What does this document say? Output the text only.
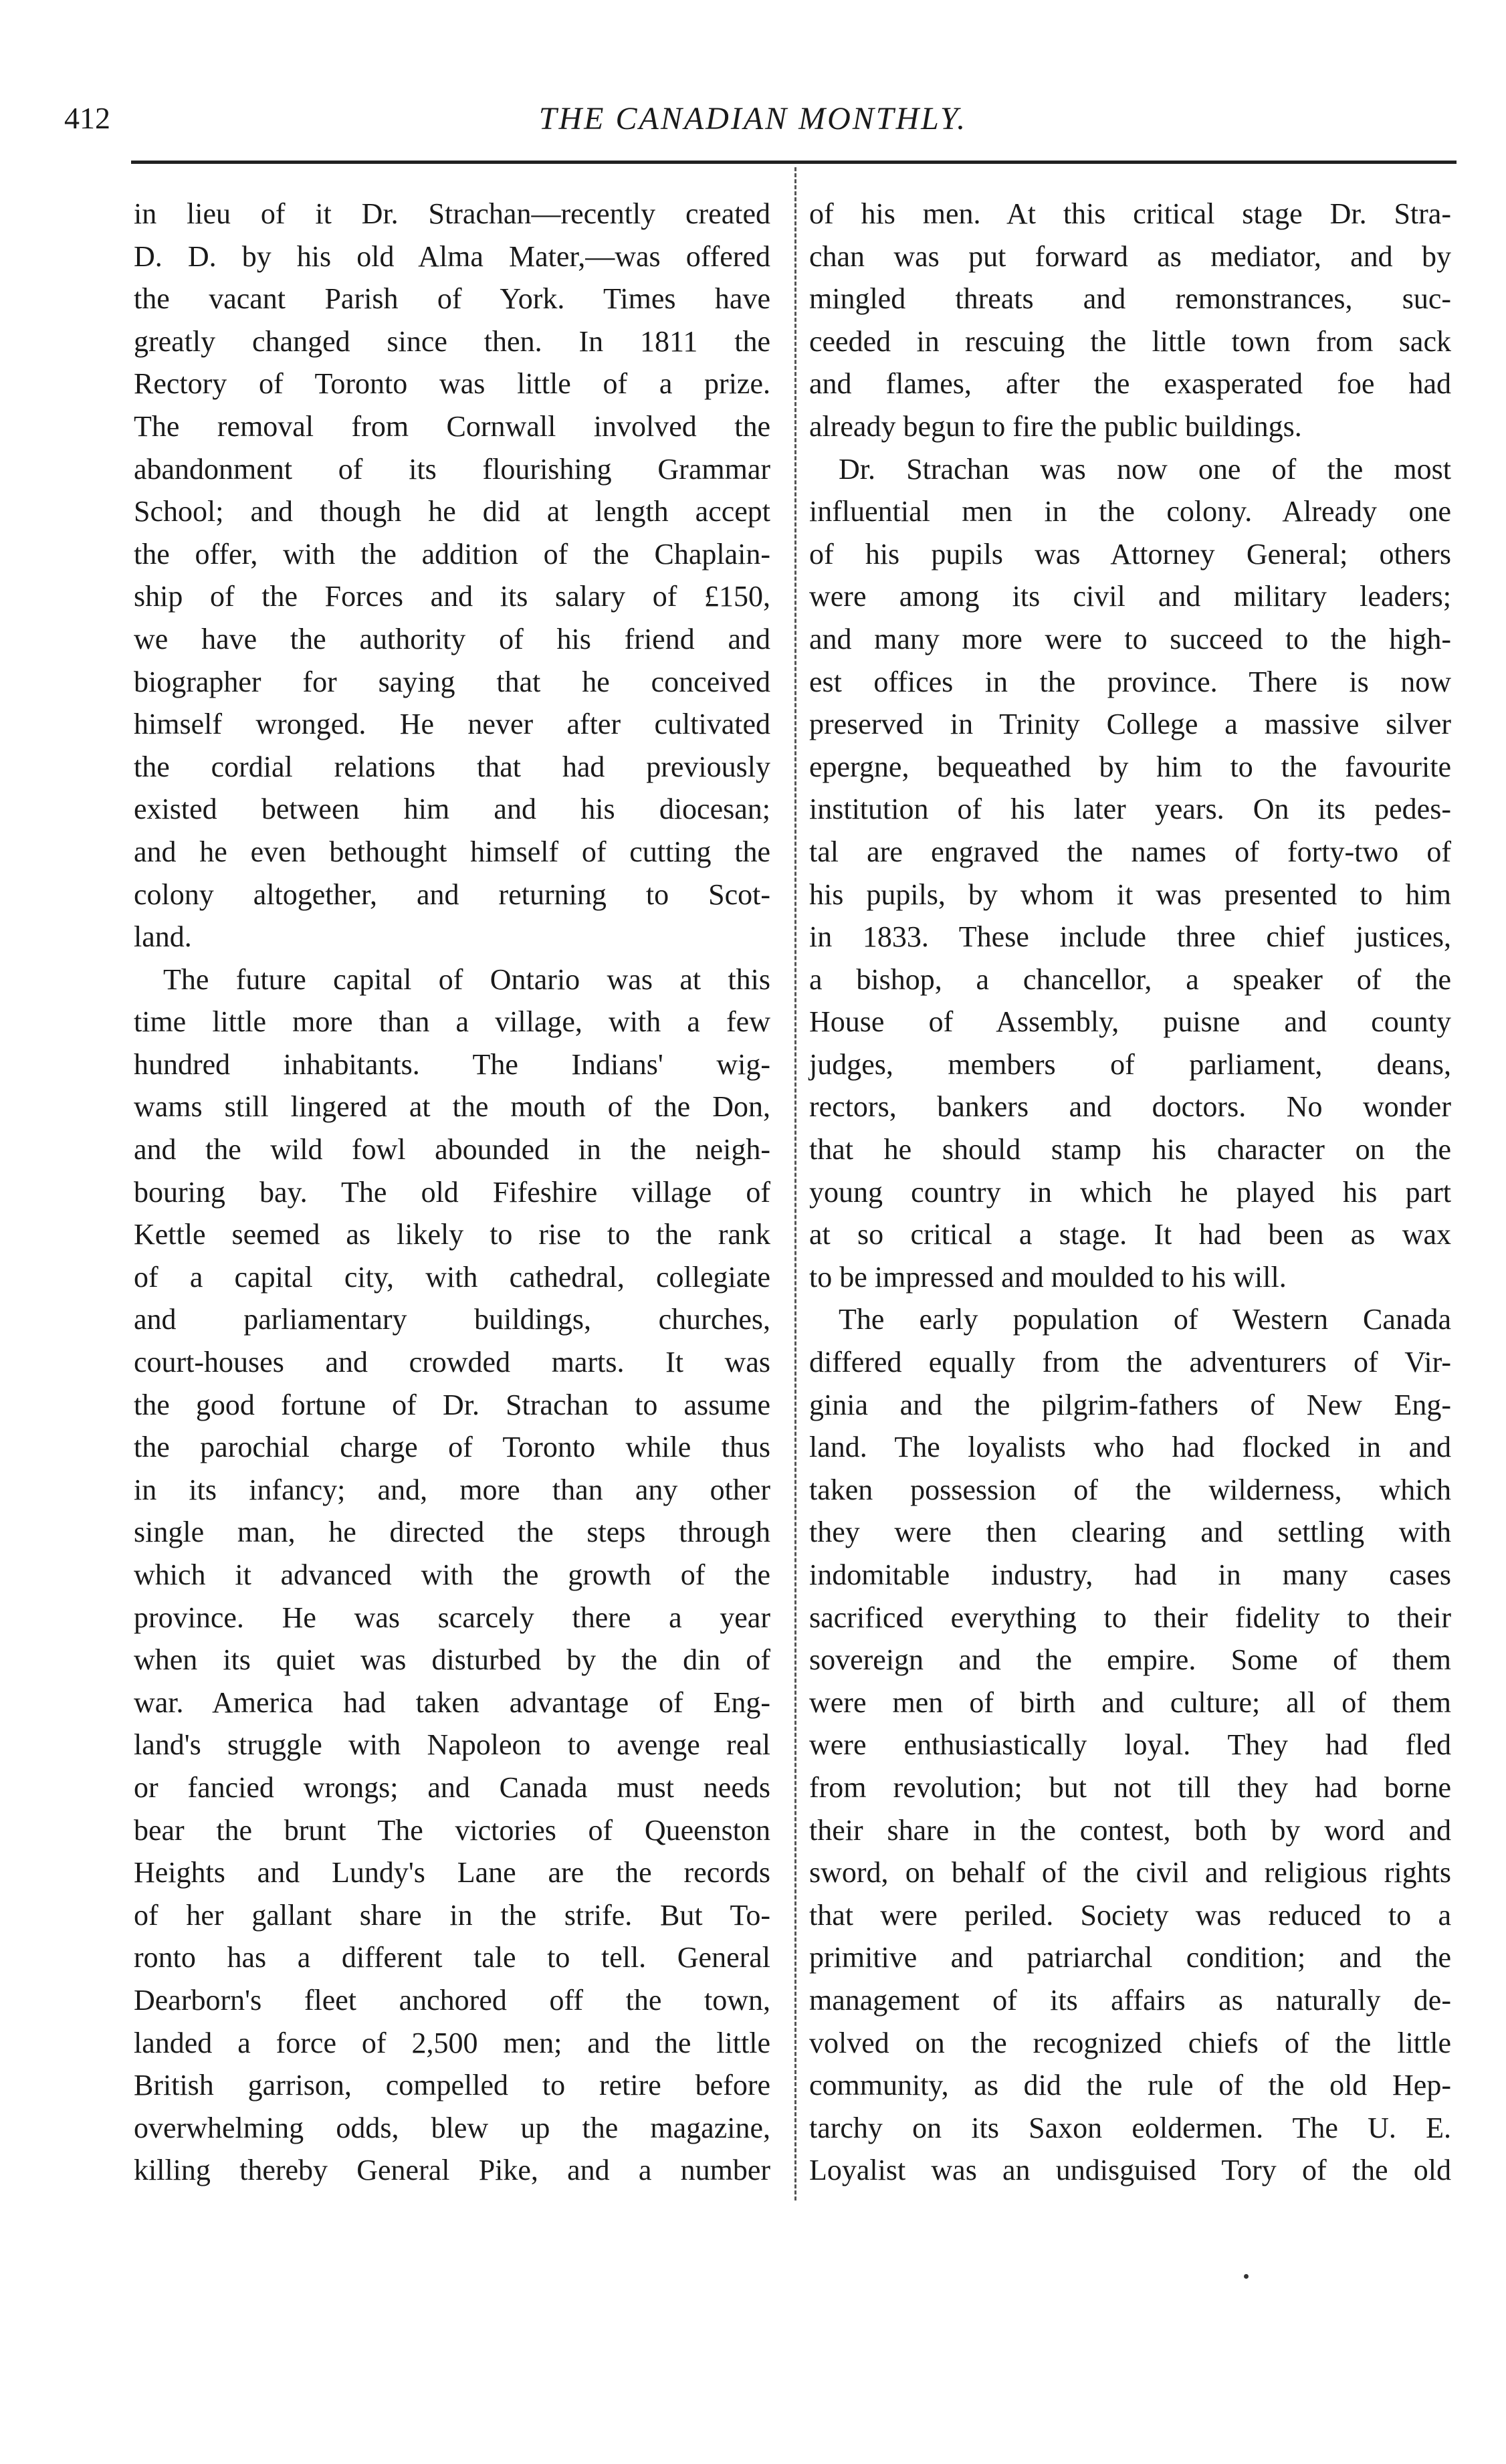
412	THE CANADIAN MONTHLY.
in lieu of it Dr. Strachan—recently created
D. D. by his old Alma Mater,—was offered
the vacant Parish of York. Times have
greatly changed since then. In 1811 the
Rectory of Toronto was little of a prize.
The removal from Cornwall involved the
abandonment of its flourishing Grammar
School; and though he did at length accept
the offer, with the addition of the Chaplain-
ship of the Forces and its salary of £150,
we have the authority of his friend and
biographer for saying that he conceived
himself wronged. He never after cultivated
the cordial relations that had previously
existed between him and his diocesan;
and he even bethought himself of cutting the
colony altogether, and returning to Scot-
land.
The future capital of Ontario was at this
time little more than a village, with a few
hundred inhabitants. The Indians' wig-
wams still lingered at the mouth of the Don,
and the wild fowl abounded in the neigh-
bouring bay. The old Fifeshire village of
Kettle seemed as likely to rise to the rank
of a capital city, with cathedral, collegiate
and parliamentary buildings, churches,
court-houses and crowded marts. It was
the good fortune of Dr. Strachan to assume
the parochial charge of Toronto while thus
in its infancy; and, more than any other
single man, he directed the steps through
which it advanced with the growth of the
province. He was scarcely there a year
when its quiet was disturbed by the din of
war. America had taken advantage of Eng-
land's struggle with Napoleon to avenge real
or fancied wrongs; and Canada must needs
bear the brunt The victories of Queenston
Heights and Lundy's Lane are the records
of her gallant share in the strife. But To-
ronto has a different tale to tell. General
Dearborn's fleet anchored off the town,
landed a force of 2,500 men; and the little
British garrison, compelled to retire before
overwhelming odds, blew up the magazine,
killing thereby General Pike, and a number
of his men. At this critical stage Dr. Stra-
chan was put forward as mediator, and by
mingled threats and remonstrances, suc-
ceeded in rescuing the little town from sack
and flames, after the exasperated foe had
already begun to fire the public buildings.
Dr. Strachan was now one of the most
influential men in the colony. Already one
of his pupils was Attorney General; others
were among its civil and military leaders;
and many more were to succeed to the high-
est offices in the province. There is now
preserved in Trinity College a massive silver
epergne, bequeathed by him to the favourite
institution of his later years. On its pedes-
tal are engraved the names of forty-two of
his pupils, by whom it was presented to him
in 1833. These include three chief justices,
a bishop, a chancellor, a speaker of the
House of Assembly, puisne and county
judges, members of parliament, deans,
rectors, bankers and doctors. No wonder
that he should stamp his character on the
young country in which he played his part
at so critical a stage. It had been as wax
to be impressed and moulded to his will.
The early population of Western Canada
differed equally from the adventurers of Vir-
ginia and the pilgrim-fathers of New Eng-
land. The loyalists who had flocked in and
taken possession of the wilderness, which
they were then clearing and settling with
indomitable industry, had in many cases
sacrificed everything to their fidelity to their
sovereign and the empire. Some of them
were men of birth and culture; all of them
were enthusiastically loyal. They had fled
from revolution; but not till they had borne
their share in the contest, both by word and
sword, on behalf of the civil and religious rights
that were periled. Society was reduced to a
primitive and patriarchal condition; and the
management of its affairs as naturally de-
volved on the recognized chiefs of the little
community, as did the rule of the old Hep-
tarchy on its Saxon eoldermen. The U. E.
Loyalist was an undisguised Tory of the old
